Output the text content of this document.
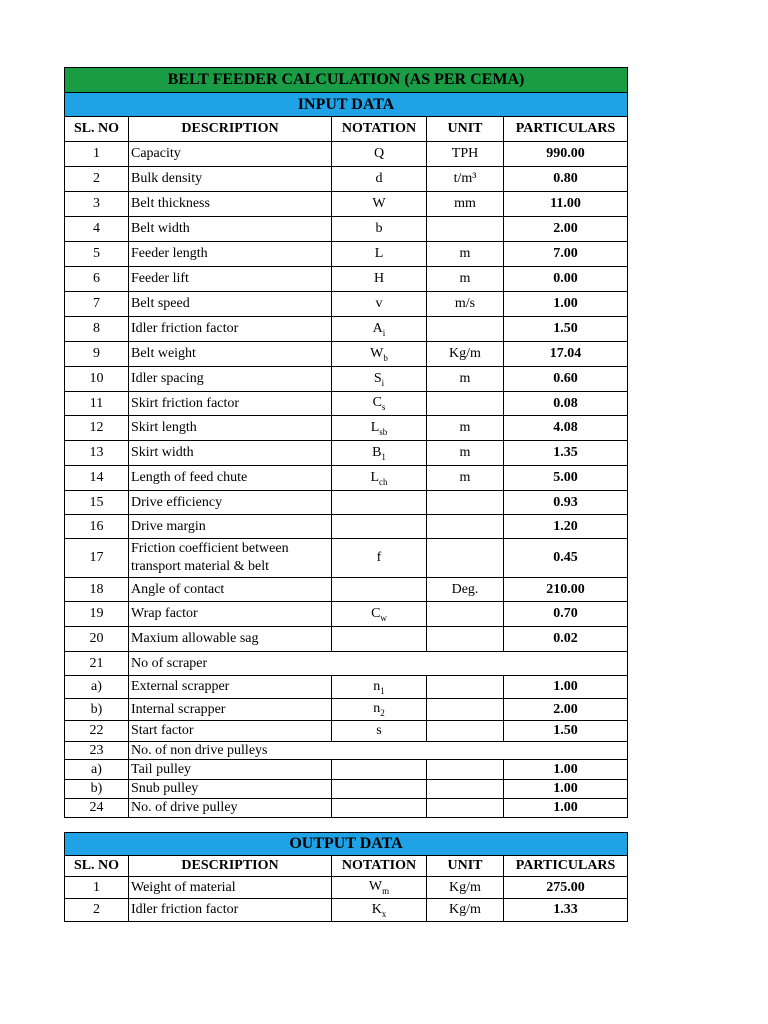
BELT FEEDER CALCULATION (AS PER CEMA)				
INPUT DATA				
SL. NO	DESCRIPTION	NOTATION	UNIT	PARTICULARS
1	Capacity	Q	TPH	990.00
2	Bulk density	d	t/m³	0.80
3	Belt thickness	W	mm	11.00
4	Belt width	b		2.00
5	Feeder length	L	m	7.00
6	Feeder lift	H	m	0.00
7	Belt speed	v	m/s	1.00
8	Idler friction factor	$A_i$		1.50
9	Belt weight	$W_b$	Kg/m	17.04
10	Idler spacing	$S_i$	m	0.60
11	Skirt friction factor	$C_s$		0.08
12	Skirt length	$L_{sb}$	m	4.08
13	Skirt width	$B_1$	m	1.35
14	Length of feed chute	$L_{ch}$	m	5.00
15	Drive efficiency			0.93
16	Drive margin			1.20
17	Friction coefficient between transport material & belt	f		0.45
18	Angle of contact		Deg.	210.00
19	Wrap factor	$C_w$		0.70
20	Maxium allowable sag			0.02
21	No of scraper			
a)	External scrapper	$n_1$		1.00
b)	Internal scrapper	$n_2$		2.00
22	Start factor	s		1.50
23	No. of non drive pulleys			
a)	Tail pulley			1.00
b)	Snub pulley			1.00
24	No. of drive pulley			1.00
OUTPUT DATA				
SL. NO	DESCRIPTION	NOTATION	UNIT	PARTICULARS
1	Weight of material	$W_m$	Kg/m	275.00
2	Idler friction factor	$K_x$	Kg/m	1.33
